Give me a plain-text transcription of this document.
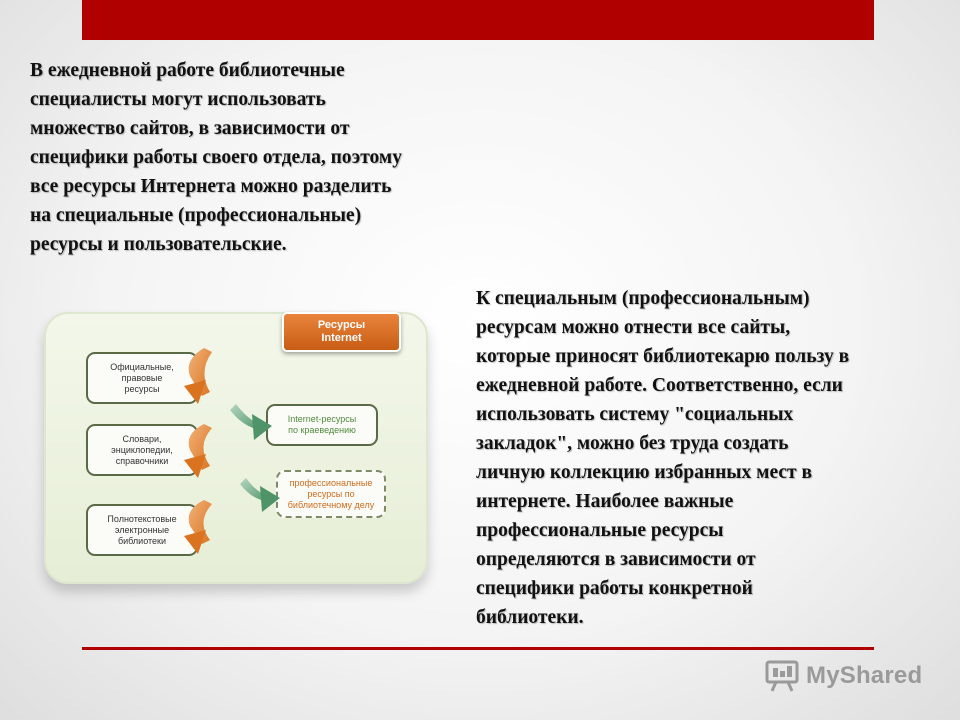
В ежедневной работе библиотечные
специалисты могут использовать
множество сайтов, в зависимости от
специфики работы своего отдела, поэтому
все ресурсы Интернета можно разделить
на специальные (профессиональные)
ресурсы и пользовательские.
Официальные,
правовые
ресурсы
Словари,
энциклопедии,
справочники
Полнотекстовые
электронные
библиотеки
Internet-ресурсы
по краеведению
профессиональные
ресурсы по
библиотечному делу
Ресурсы
Internet
К специальным (профессиональным)
ресурсам можно отнести все сайты,
которые приносят библиотекарю пользу в
ежедневной работе. Соответственно, если
использовать систему "социальных
закладок", можно без труда создать
личную коллекцию избранных мест в
интернете. Наиболее важные
профессиональные ресурсы
определяются в зависимости от
специфики работы конкретной
библиотеки.
MyShared
